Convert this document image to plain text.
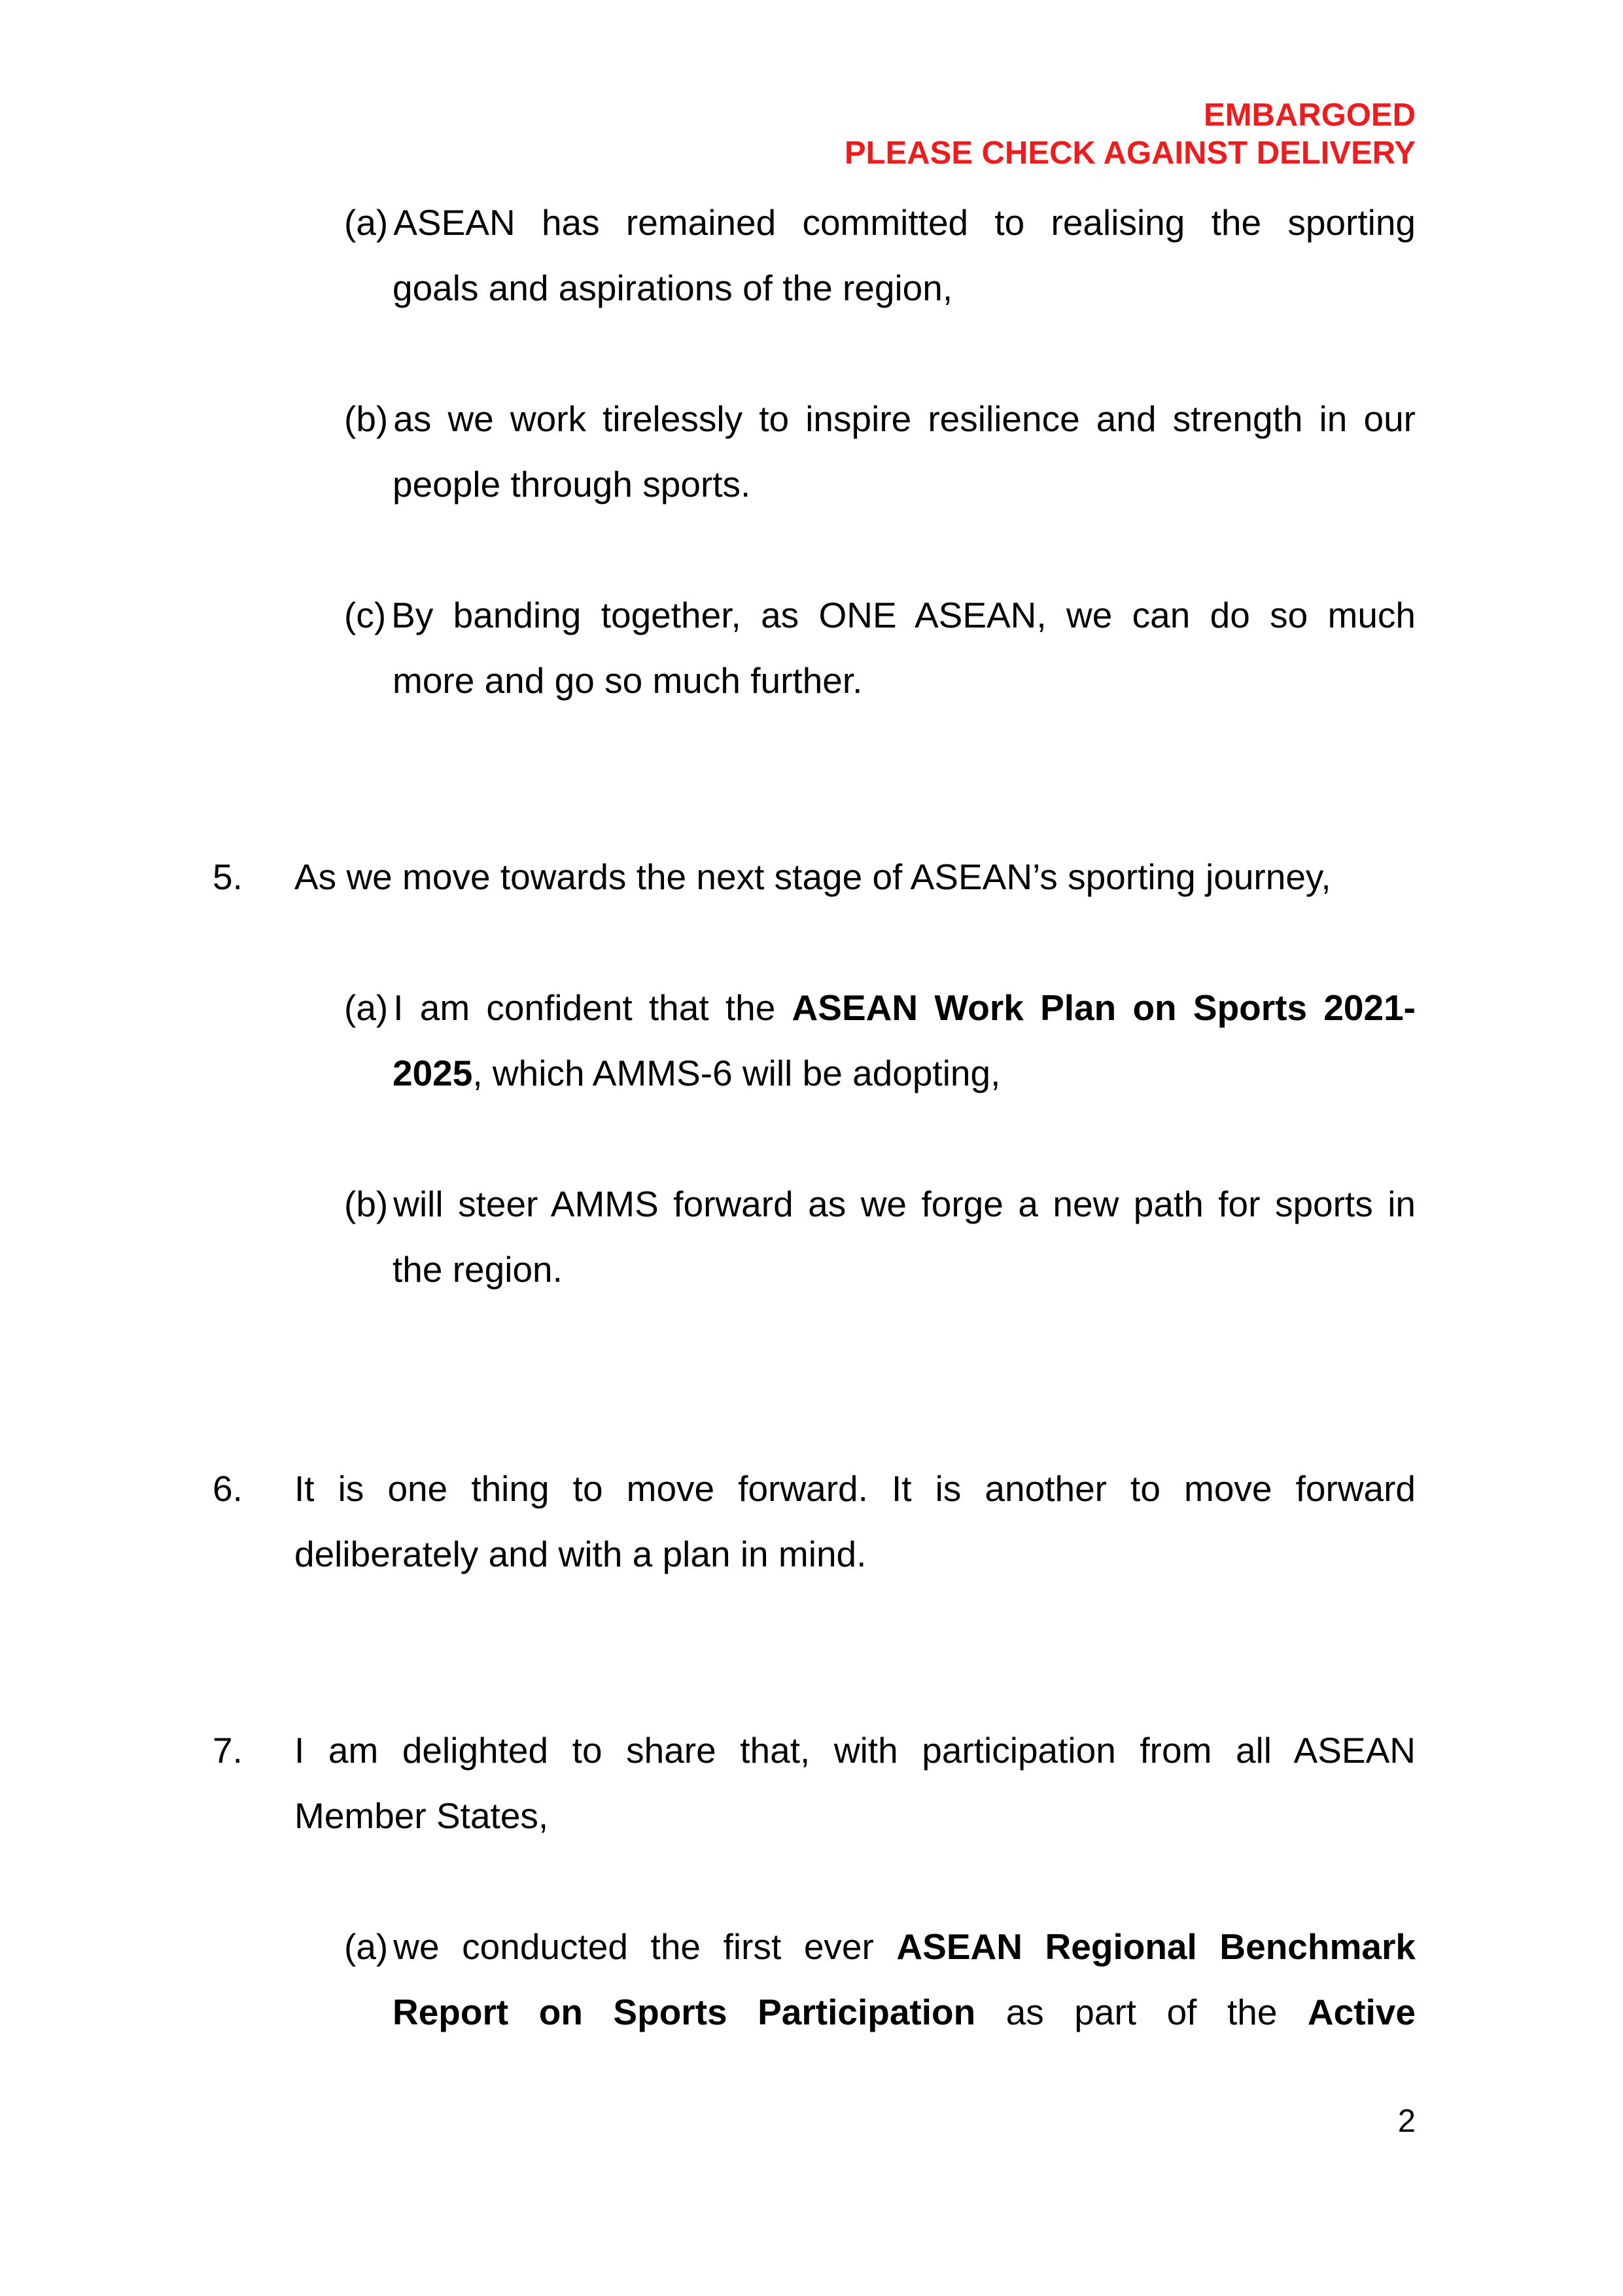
EMBARGOED
PLEASE CHECK AGAINST DELIVERY
(a) ASEAN has remained committed to realising the sporting
goals and aspirations of the region,
(b) as we work tirelessly to inspire resilience and strength in our
people through sports.
(c) By banding together, as ONE ASEAN, we can do so much
more and go so much further.
5. As we move towards the next stage of ASEAN’s sporting journey,
(a) I am confident that the ASEAN Work Plan on Sports 2021-
2025, which AMMS-6 will be adopting,
(b) will steer AMMS forward as we forge a new path for sports in
the region.
6. It is one thing to move forward. It is another to move forward
deliberately and with a plan in mind.
7. I am delighted to share that, with participation from all ASEAN
Member States,
(a) we conducted the first ever ASEAN Regional Benchmark
Report on Sports Participation as part of the Active
2
